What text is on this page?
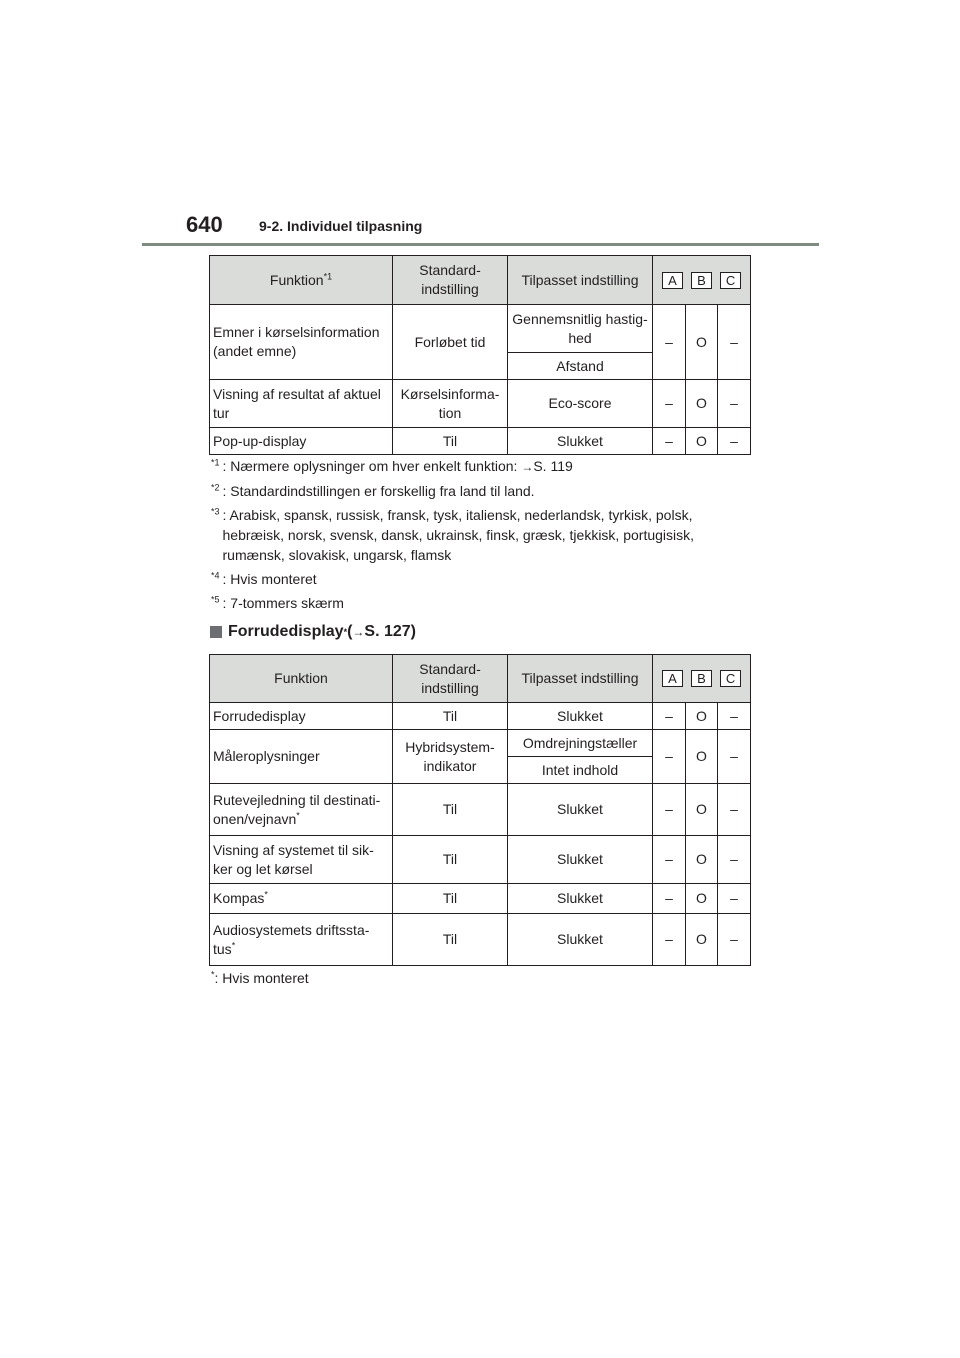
640	9-2. Individuel tilpasning
Funktion$^{*1}$	Standard-indstilling	Tilpasset indstilling	A B C		

Emner i kørselsinformation (andet emne)	Forløbet tid	Gennemsnitlig hastig-hed	–	O	–
		Afstand			
Visning af resultat af aktuel tur	Kørselsinforma-tion	Eco-score	–	O	–
Pop-up-display	Til	Slukket	–	O	–
$^{*1}$ : Nærmere oplysninger om hver enkelt funktion: →S. 119
$^{*2}$ : Standardindstillingen er forskellig fra land til land.
$^{*3}$ : Arabisk, spansk, russisk, fransk, tysk, italiensk, nederlandsk, tyrkisk, polsk, hebræisk, norsk, svensk, dansk, ukrainsk, finsk, græsk, tjekkisk, portugisisk, rumænsk, slovakisk, ungarsk, flamsk
$^{*4}$ : Hvis monteret
$^{*5}$ : 7-tommers skærm
Forrudedisplay * ( → S. 127)
Funktion	Standard-indstilling	Tilpasset indstilling	A B C		

Forrudedisplay	Til	Slukket	–	O	–
Måleroplysninger	Hybridsystem-indikator	Omdrejningstæller	–	O	–
		Intet indhold			
Rutevejledning til destinati-onen/vejnavn*	Til	Slukket	–	O	–
Visning af systemet til sik-ker og let kørsel	Til	Slukket	–	O	–
Kompas*	Til	Slukket	–	O	–
Audiosystemets driftssta-tus*	Til	Slukket	–	O	–
*: Hvis monteret
